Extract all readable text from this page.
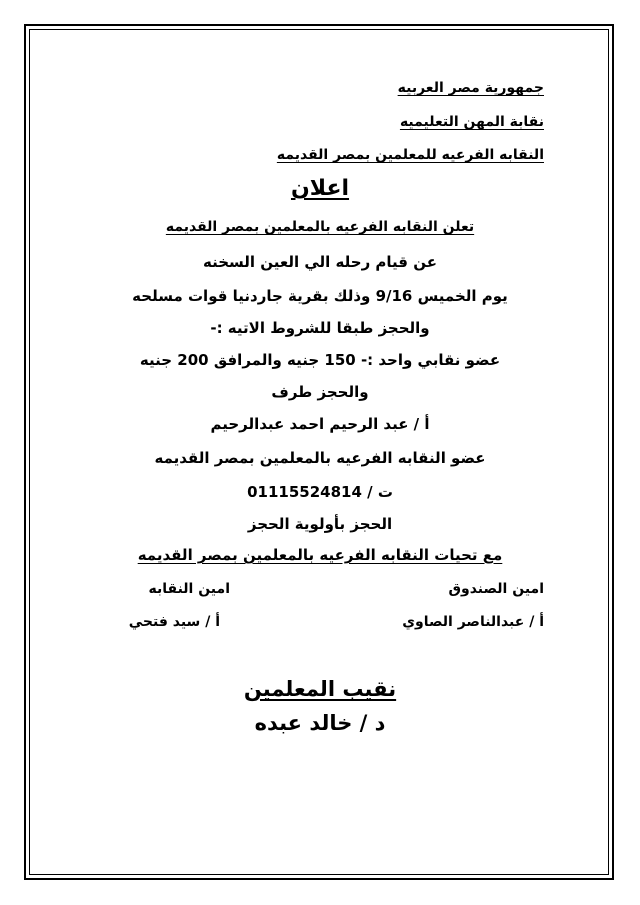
جمهورية مصر العربيه
نقابة المهن التعليميه
النقابه الفرعيه للمعلمين بمصر القديمه
اعلان
تعلن النقابه الفرعيه بالمعلمين بمصر القديمه
عن قيام رحله الي العين السخنه
يوم الخميس 9/16 وذلك بقرية جاردنيا قوات مسلحه
والحجز طبقا للشروط الاتيه :-
عضو نقابي واحد :- 150 جنيه والمرافق 200 جنيه
والحجز طرف
أ / عبد الرحيم احمد عبدالرحيم
عضو النقابه الفرعيه بالمعلمين بمصر القديمه
ت / 01115524814
الحجز بأولوية الحجز
مع تحيات النقابه الفرعيه بالمعلمين بمصر القديمه
امين الصندوق
امين النقابه
أ / عبدالناصر الصاوي
أ / سيد فتحي
نقيب المعلمين
د / خالد عبده
